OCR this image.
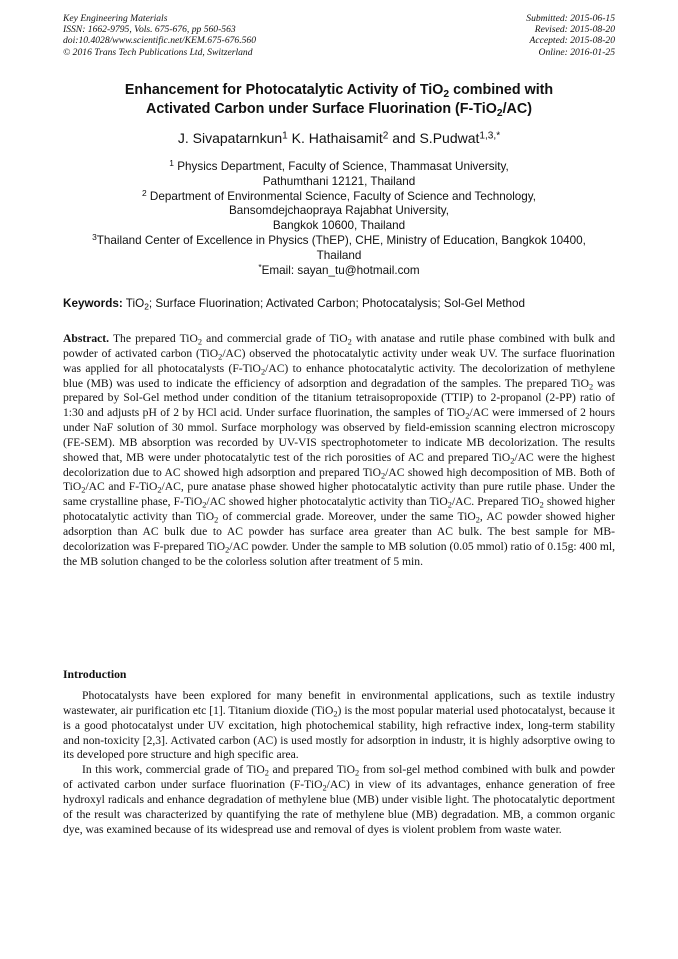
Key Engineering Materials
ISSN: 1662-9795, Vols. 675-676, pp 560-563
doi:10.4028/www.scientific.net/KEM.675-676.560
© 2016 Trans Tech Publications Ltd, Switzerland
Submitted: 2015-06-15
Revised: 2015-08-20
Accepted: 2015-08-20
Online: 2016-01-25
Enhancement for Photocatalytic Activity of TiO$_2$ combined with
Activated Carbon under Surface Fluorination (F-TiO$_2$/AC)
J. Sivapatarnkun$^1$ K. Hathaisamit$^2$ and S.Pudwat$^{1,3,*}$
$^1$ Physics Department, Faculty of Science, Thammasat University,
Pathumthani 12121, Thailand
$^2$ Department of Environmental Science, Faculty of Science and Technology,
Bansomdejchaopraya Rajabhat University,
Bangkok 10600, Thailand
$^3$Thailand Center of Excellence in Physics (ThEP), CHE, Ministry of Education, Bangkok 10400,
Thailand
*Email: sayan_tu@hotmail.com
Keywords: TiO$_2$; Surface Fluorination; Activated Carbon; Photocatalysis; Sol-Gel Method
Abstract. The prepared TiO$_2$ and commercial grade of TiO$_2$ with anatase and rutile phase combined with bulk and powder of activated carbon (TiO$_2$/AC) observed the photocatalytic activity under weak UV. The surface fluorination was applied for all photocatalysts (F-TiO$_2$/AC) to enhance photocatalytic activity. The decolorization of methylene blue (MB) was used to indicate the efficiency of adsorption and degradation of the samples. The prepared TiO$_2$ was prepared by Sol-Gel method under condition of the titanium tetraisopropoxide (TTIP) to 2-propanol (2-PP) ratio of 1:30 and adjusts pH of 2 by HCl acid. Under surface fluorination, the samples of TiO$_2$/AC were immersed of 2 hours under NaF solution of 30 mmol. Surface morphology was observed by field-emission scanning electron microscopy (FE-SEM). MB absorption was recorded by UV-VIS spectrophotometer to indicate MB decolorization. The results showed that, MB were under photocatalytic test of the rich porosities of AC and prepared TiO$_2$/AC were the highest decolorization due to AC showed high adsorption and prepared TiO$_2$/AC showed high decomposition of MB. Both of TiO$_2$/AC and F-TiO$_2$/AC, pure anatase phase showed higher photocatalytic activity than pure rutile phase. Under the same crystalline phase, F-TiO$_2$/AC showed higher photocatalytic activity than TiO$_2$/AC. Prepared TiO$_2$ showed higher photocatalytic activity than TiO$_2$ of commercial grade. Moreover, under the same TiO$_2$, AC powder showed higher adsorption than AC bulk due to AC powder has surface area greater than AC bulk. The best sample for MB-decolorization was F-prepared TiO$_2$/AC powder. Under the sample to MB solution (0.05 mmol) ratio of 0.15g: 400 ml, the MB solution changed to be the colorless solution after treatment of 5 min.
Introduction

Photocatalysts have been explored for many benefit in environmental applications, such as textile industry wastewater, air purification etc [1]. Titanium dioxide (TiO$_2$) is the most popular material used photocatalyst, because it is a good photocatalyst under UV excitation, high photochemical stability, high refractive index, long-term stability and non-toxicity [2,3]. Activated carbon (AC) is used mostly for adsorption in industr, it is highly adsorptive owing to its developed pore structure and high specific area.

In this work, commercial grade of TiO$_2$ and prepared TiO$_2$ from sol-gel method combined with bulk and powder of activated carbon under surface fluorination (F-TiO$_2$/AC) in view of its advantages, enhance generation of free hydroxyl radicals and enhance degradation of methylene blue (MB) under visible light. The photocatalytic deportment of the result was characterized by quantifying the rate of methylene blue (MB) degradation. MB, a common organic dye, was examined because of its widespread use and removal of dyes is violent problem from waste water.
